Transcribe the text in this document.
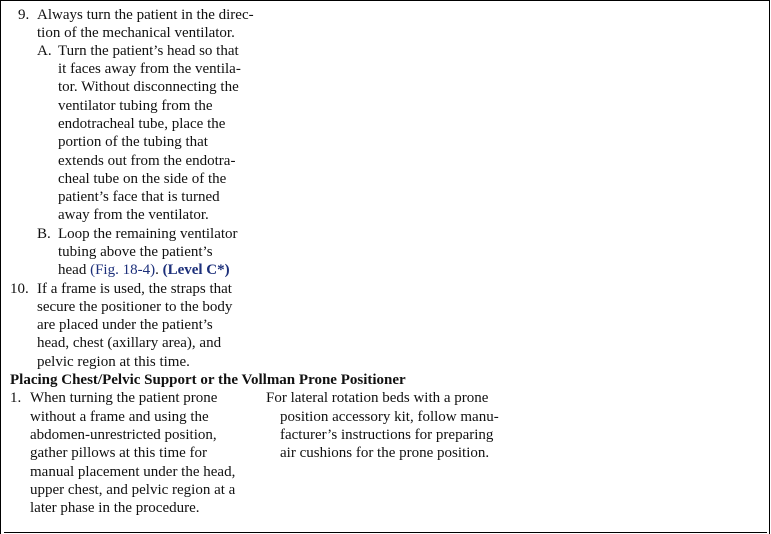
9. Always turn the patient in the direc-
tion of the mechanical ventilator.
A. Turn the patient’s head so that
it faces away from the ventila-
tor. Without disconnecting the
ventilator tubing from the
endotracheal tube, place the
portion of the tubing that
extends out from the endotra-
cheal tube on the side of the
patient’s face that is turned
away from the ventilator.
B. Loop the remaining ventilator
tubing above the patient’s
head (Fig. 18-4). (Level C*)
10. If a frame is used, the straps that
secure the positioner to the body
are placed under the patient’s
head, chest (axillary area), and
pelvic region at this time.
Placing Chest/Pelvic Support or the Vollman Prone Positioner
1. When turning the patient prone
without a frame and using the
abdomen-unrestricted position,
gather pillows at this time for
manual placement under the head,
upper chest, and pelvic region at a
later phase in the procedure.
For lateral rotation beds with a prone
position accessory kit, follow manu-
facturer’s instructions for preparing
air cushions for the prone position.
